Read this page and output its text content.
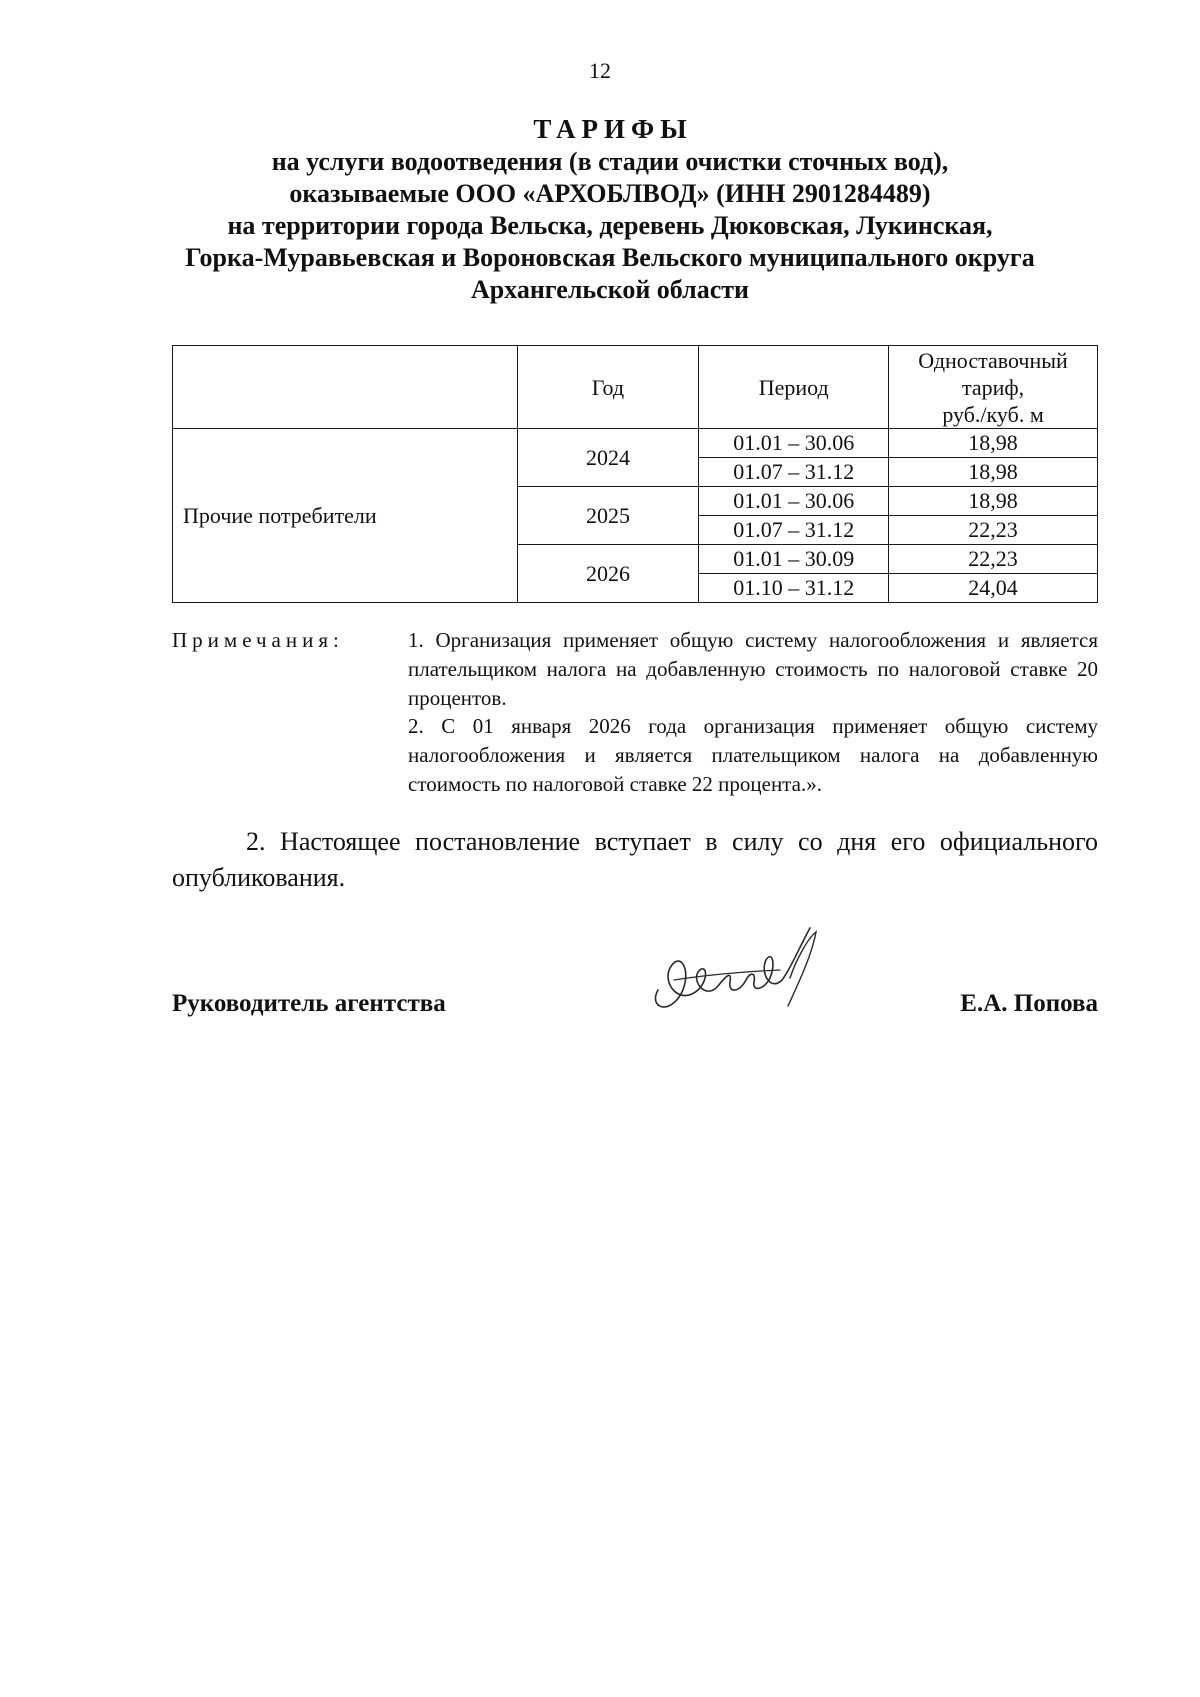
12
ТАРИФЫ
на услуги водоотведения (в стадии очистки сточных вод),
оказываемые ООО «АРХОБЛВОД» (ИНН 2901284489)
на территории города Вельска, деревень Дюковская, Лукинская,
Горка-Муравьевская и Вороновская Вельского муниципального округа
Архангельской области
	Год	Период	Одноставочный
тариф,
руб./куб. м
Прочие потребители	2024	01.01 – 30.06	18,98
		01.07 – 31.12	18,98
	2025	01.01 – 30.06	18,98
		01.07 – 31.12	22,23
	2026	01.01 – 30.09	22,23
		01.10 – 31.12	24,04
Примечания:	1. Организация применяет общую систему налогообложения и является плательщиком налога на добавленную стоимость по налоговой ставке 20 процентов.
2. С 01 января 2026 года организация применяет общую систему налогообложения и является плательщиком налога на добавленную стоимость по налоговой ставке 22 процента.».
2. Настоящее постановление вступает в силу со дня его официального опубликования.
Руководитель агентства	Е.А. Попова
